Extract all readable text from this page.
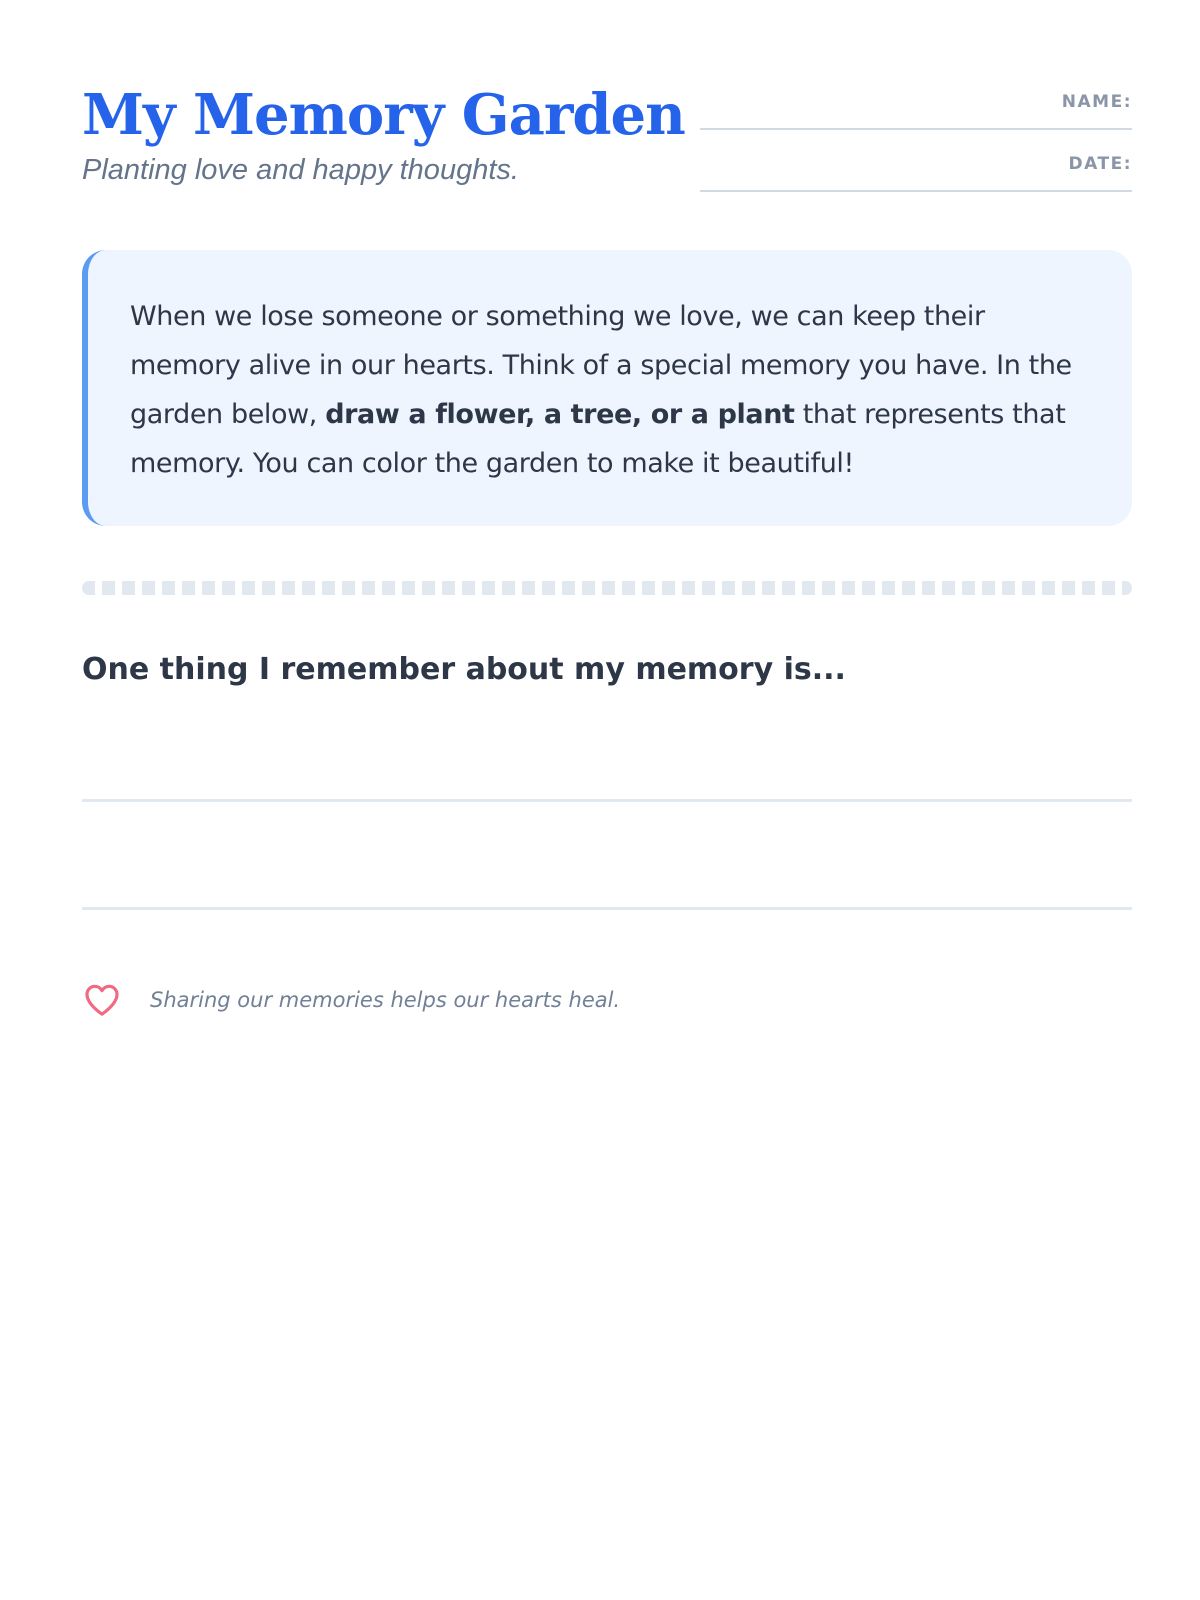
My Memory Garden

Planting love and happy thoughts.

NAME:
DATE:

When we lose someone or something we love, we can keep their memory alive in our hearts. Think of a special memory you have. In the garden below, draw a flower, a tree, or a plant that represents that memory. You can color the garden to make it beautiful!

One thing I remember about my memory is...
Sharing our memories helps our hearts heal.
